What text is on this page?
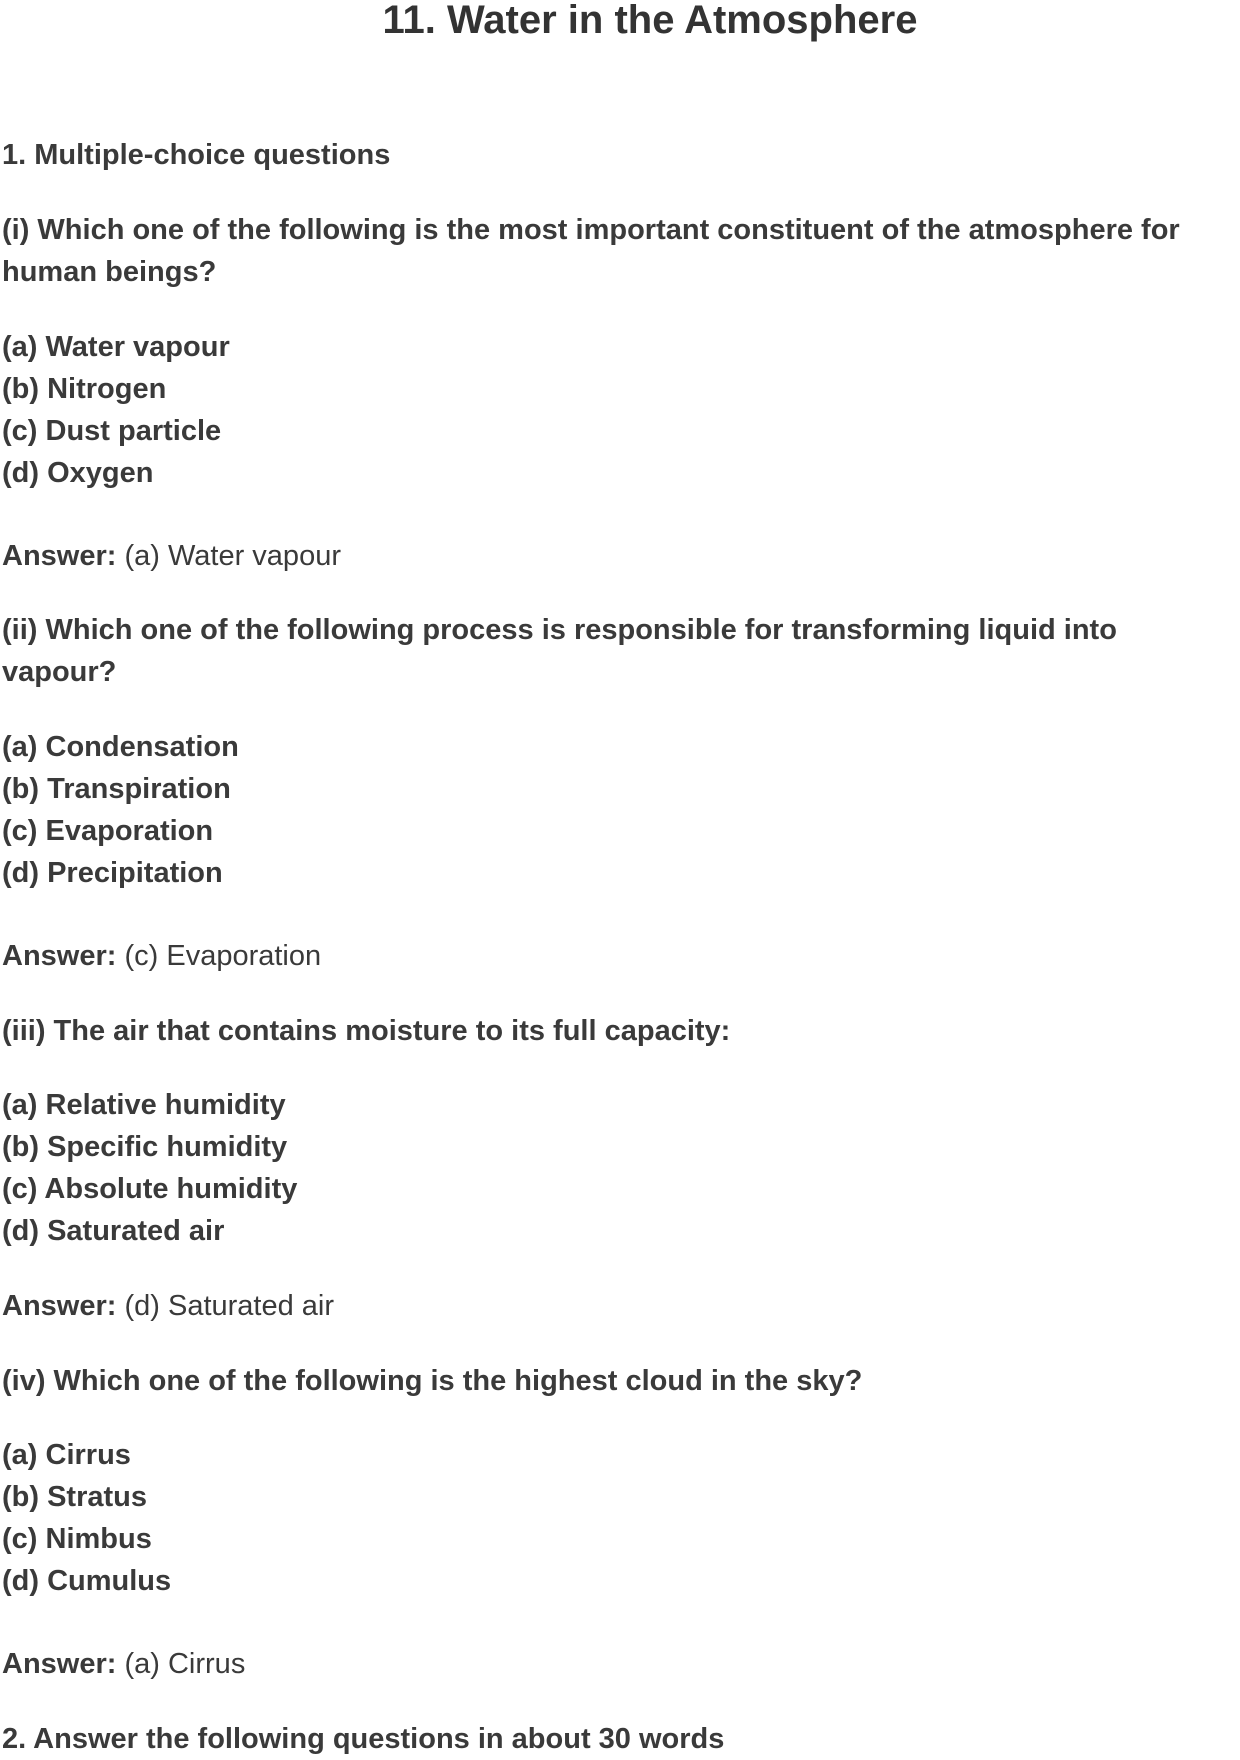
11. Water in the Atmosphere

1. Multiple-choice questions

(i) Which one of the following is the most important constituent of the atmosphere for

human beings?

(a) Water vapour

(b) Nitrogen

(c) Dust particle

(d) Oxygen

Answer: (a) Water vapour

(ii) Which one of the following process is responsible for transforming liquid into

vapour?

(a) Condensation

(b) Transpiration

(c) Evaporation

(d) Precipitation

Answer: (c) Evaporation

(iii) The air that contains moisture to its full capacity:

(a) Relative humidity

(b) Specific humidity

(c) Absolute humidity

(d) Saturated air

Answer: (d) Saturated air

(iv) Which one of the following is the highest cloud in the sky?

(a) Cirrus

(b) Stratus

(c) Nimbus

(d) Cumulus

Answer: (a) Cirrus

2. Answer the following questions in about 30 words
